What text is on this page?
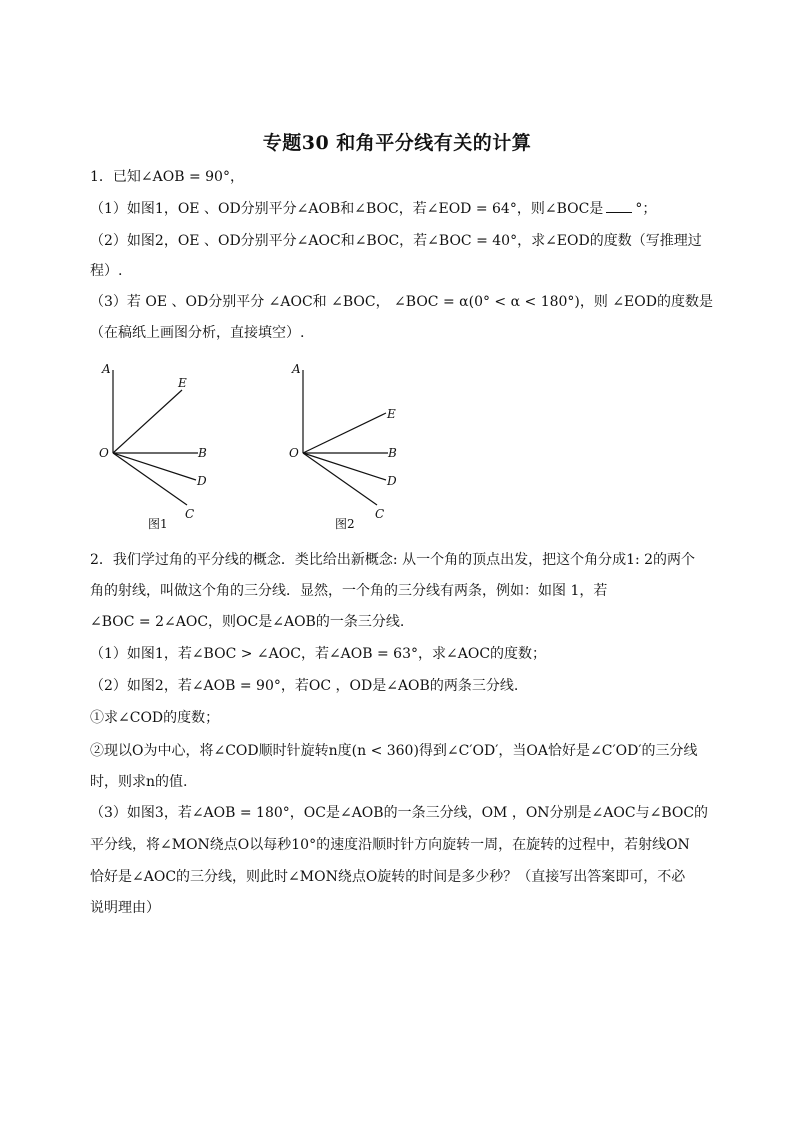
专题30 和角平分线有关的计算
1．已知∠AOB = 90°，
（1）如图1，OE 、OD分别平分∠AOB和∠BOC，若∠EOD = 64°，则∠BOC是 °；
（2）如图2，OE 、OD分别平分∠AOC和∠BOC，若∠BOC = 40°，求∠EOD的度数（写推理过
程）.
（3）若 OE 、OD分别平分 ∠AOC和 ∠BOC， ∠BOC = α(0° < α < 180°)，则 ∠EOD的度数是
（在稿纸上画图分析，直接填空）.
A
E
O	B
D
C
图1
A
E
O	B
D
C
图2
2．我们学过角的平分线的概念．类比给出新概念: 从一个角的顶点出发，把这个角分成1: 2的两个
角的射线，叫做这个角的三分线．显然，一个角的三分线有两条，例如：如图 1，若
∠BOC = 2∠AOC，则OC是∠AOB的一条三分线.
（1）如图1，若∠BOC > ∠AOC，若∠AOB = 63°，求∠AOC的度数；
（2）如图2，若∠AOB = 90°，若OC ，OD是∠AOB的两条三分线.
①求∠COD的度数；
②现以O为中心，将∠COD顺时针旋转n度(n < 360)得到∠C′OD′，当OA恰好是∠C′OD′的三分线
时，则求n的值.
（3）如图3，若∠AOB = 180°，OC是∠AOB的一条三分线，OM ，ON分别是∠AOC与∠BOC的
平分线，将∠MON绕点O以每秒10°的速度沿顺时针方向旋转一周，在旋转的过程中，若射线ON
恰好是∠AOC的三分线，则此时∠MON绕点O旋转的时间是多少秒？（直接写出答案即可，不必
说明理由）
